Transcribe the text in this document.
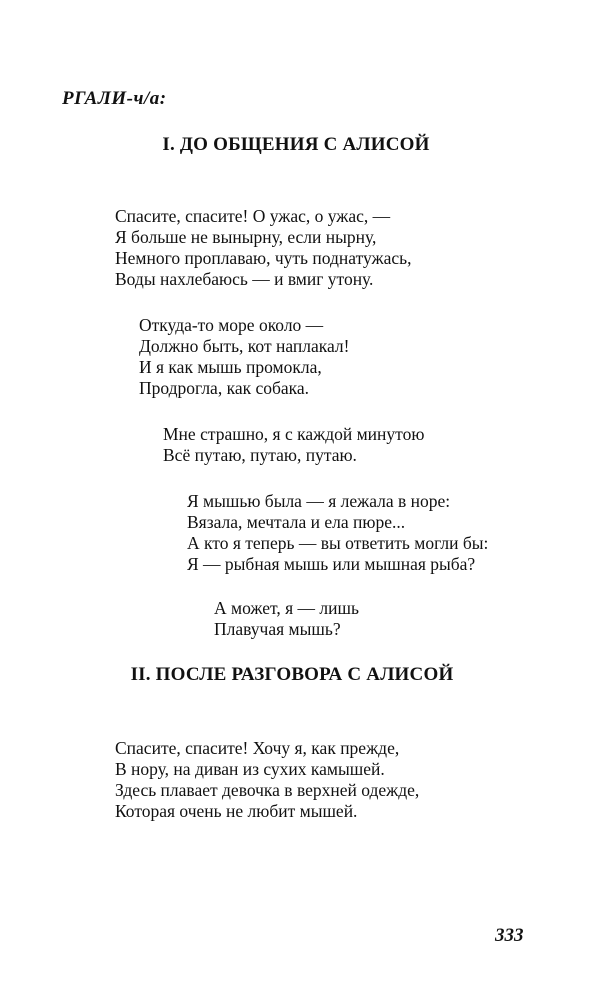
РГАЛИ-ч/а:
I. ДО ОБЩЕНИЯ С АЛИСОЙ
Спасите, спасите! О ужас, о ужас, —
Я больше не вынырну, если нырну,
Немного проплаваю, чуть поднатужась,
Воды нахлебаюсь — и вмиг утону.
Откуда-то море около —
Должно быть, кот наплакал!
И я как мышь промокла,
Продрогла, как собака.
Мне страшно, я с каждой минутою
Всё путаю, путаю, путаю.
Я мышью была — я лежала в норе:
Вязала, мечтала и ела пюре...
А кто я теперь — вы ответить могли бы:
Я — рыбная мышь или мышная рыба?
А может, я — лишь
Плавучая мышь?
II. ПОСЛЕ РАЗГОВОРА С АЛИСОЙ
Спасите, спасите! Хочу я, как прежде,
В нору, на диван из сухих камышей.
Здесь плавает девочка в верхней одежде,
Которая очень не любит мышей.
333
